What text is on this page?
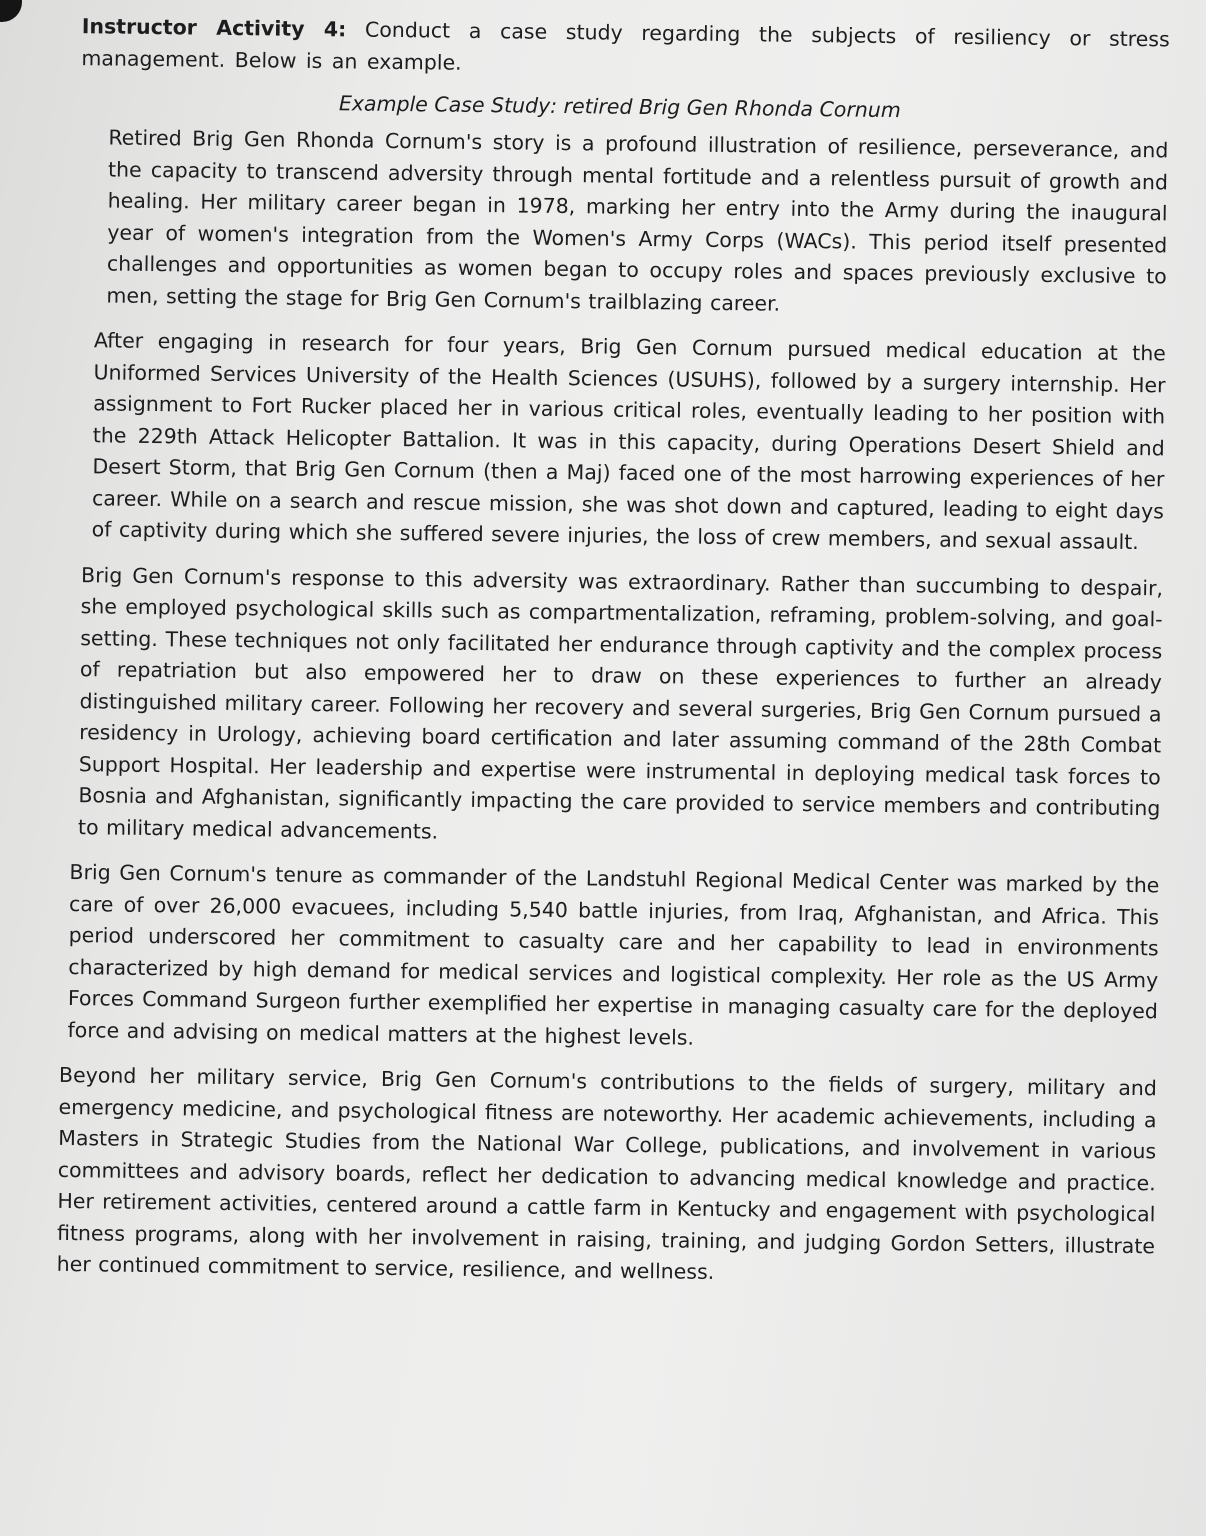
Instructor Activity 4: Conduct a case study regarding the subjects of resiliency or stress management. Below is an example.

Example Case Study: retired Brig Gen Rhonda Cornum

Retired Brig Gen Rhonda Cornum's story is a profound illustration of resilience, perseverance, and the capacity to transcend adversity through mental fortitude and a relentless pursuit of growth and healing. Her military career began in 1978, marking her entry into the Army during the inaugural year of women's integration from the Women's Army Corps (WACs). This period itself presented challenges and opportunities as women began to occupy roles and spaces previously exclusive to men, setting the stage for Brig Gen Cornum's trailblazing career.

After engaging in research for four years, Brig Gen Cornum pursued medical education at the Uniformed Services University of the Health Sciences (USUHS), followed by a surgery internship. Her assignment to Fort Rucker placed her in various critical roles, eventually leading to her position with the 229th Attack Helicopter Battalion. It was in this capacity, during Operations Desert Shield and Desert Storm, that Brig Gen Cornum (then a Maj) faced one of the most harrowing experiences of her career. While on a search and rescue mission, she was shot down and captured, leading to eight days of captivity during which she suffered severe injuries, the loss of crew members, and sexual assault.

Brig Gen Cornum's response to this adversity was extraordinary. Rather than succumbing to despair, she employed psychological skills such as compartmentalization, reframing, problem-solving, and goal-setting. These techniques not only facilitated her endurance through captivity and the complex process of repatriation but also empowered her to draw on these experiences to further an already distinguished military career. Following her recovery and several surgeries, Brig Gen Cornum pursued a residency in Urology, achieving board certification and later assuming command of the 28th Combat Support Hospital. Her leadership and expertise were instrumental in deploying medical task forces to Bosnia and Afghanistan, significantly impacting the care provided to service members and contributing to military medical advancements.

Brig Gen Cornum's tenure as commander of the Landstuhl Regional Medical Center was marked by the care of over 26,000 evacuees, including 5,540 battle injuries, from Iraq, Afghanistan, and Africa. This period underscored her commitment to casualty care and her capability to lead in environments characterized by high demand for medical services and logistical complexity. Her role as the US Army Forces Command Surgeon further exemplified her expertise in managing casualty care for the deployed force and advising on medical matters at the highest levels.

Beyond her military service, Brig Gen Cornum's contributions to the fields of surgery, military and emergency medicine, and psychological fitness are noteworthy. Her academic achievements, including a Masters in Strategic Studies from the National War College, publications, and involvement in various committees and advisory boards, reflect her dedication to advancing medical knowledge and practice. Her retirement activities, centered around a cattle farm in Kentucky and engagement with psychological fitness programs, along with her involvement in raising, training, and judging Gordon Setters, illustrate her continued commitment to service, resilience, and wellness.
